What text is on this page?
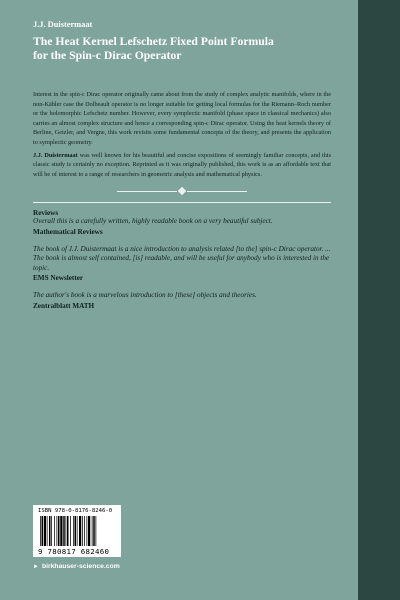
J.J. Duistermaat
The Heat Kernel Lefschetz Fixed Point Formula
for the Spin-c Dirac Operator

Interest in the spin-c Dirac operator originally came about from the study of complex analytic manifolds, where in the non-Kähler case the Dolbeault operator is no longer suitable for getting local formulas for the Riemann–Roch number or the holomorphic Lefschetz number. However, every symplectic manifold (phase space in classical mechanics) also carries an almost complex structure and hence a corresponding spin-c Dirac operator. Using the heat kernels theory of Berline, Getzler, and Vergne, this work revisits some fundamental concepts of the theory, and presents the application to symplectic geometry.

J.J. Duistermaat was well known for his beautiful and concise expositions of seemingly familiar concepts, and this classic study is certainly no exception. Reprinted as it was originally published, this work is as an affordable text that will be of interest to a range of researchers in geometric analysis and mathematical physics.

Reviews
Overall this is a carefully written, highly readable book on a very beautiful subject.
Mathematical Reviews
The book of J.J. Duistermaat is a nice introduction to analysis related [to the] spin-c Dirac operator. ... The book is almost self contained, [is] readable, and will be useful for anybody who is interested in the topic.
EMS Newsletter
The author's book is a marvelous introduction to [these] objects and theories.
Zentralblatt MATH
ISBN 978-0-8176-8246-0
9 780817 682460
► birkhauser-science.com
